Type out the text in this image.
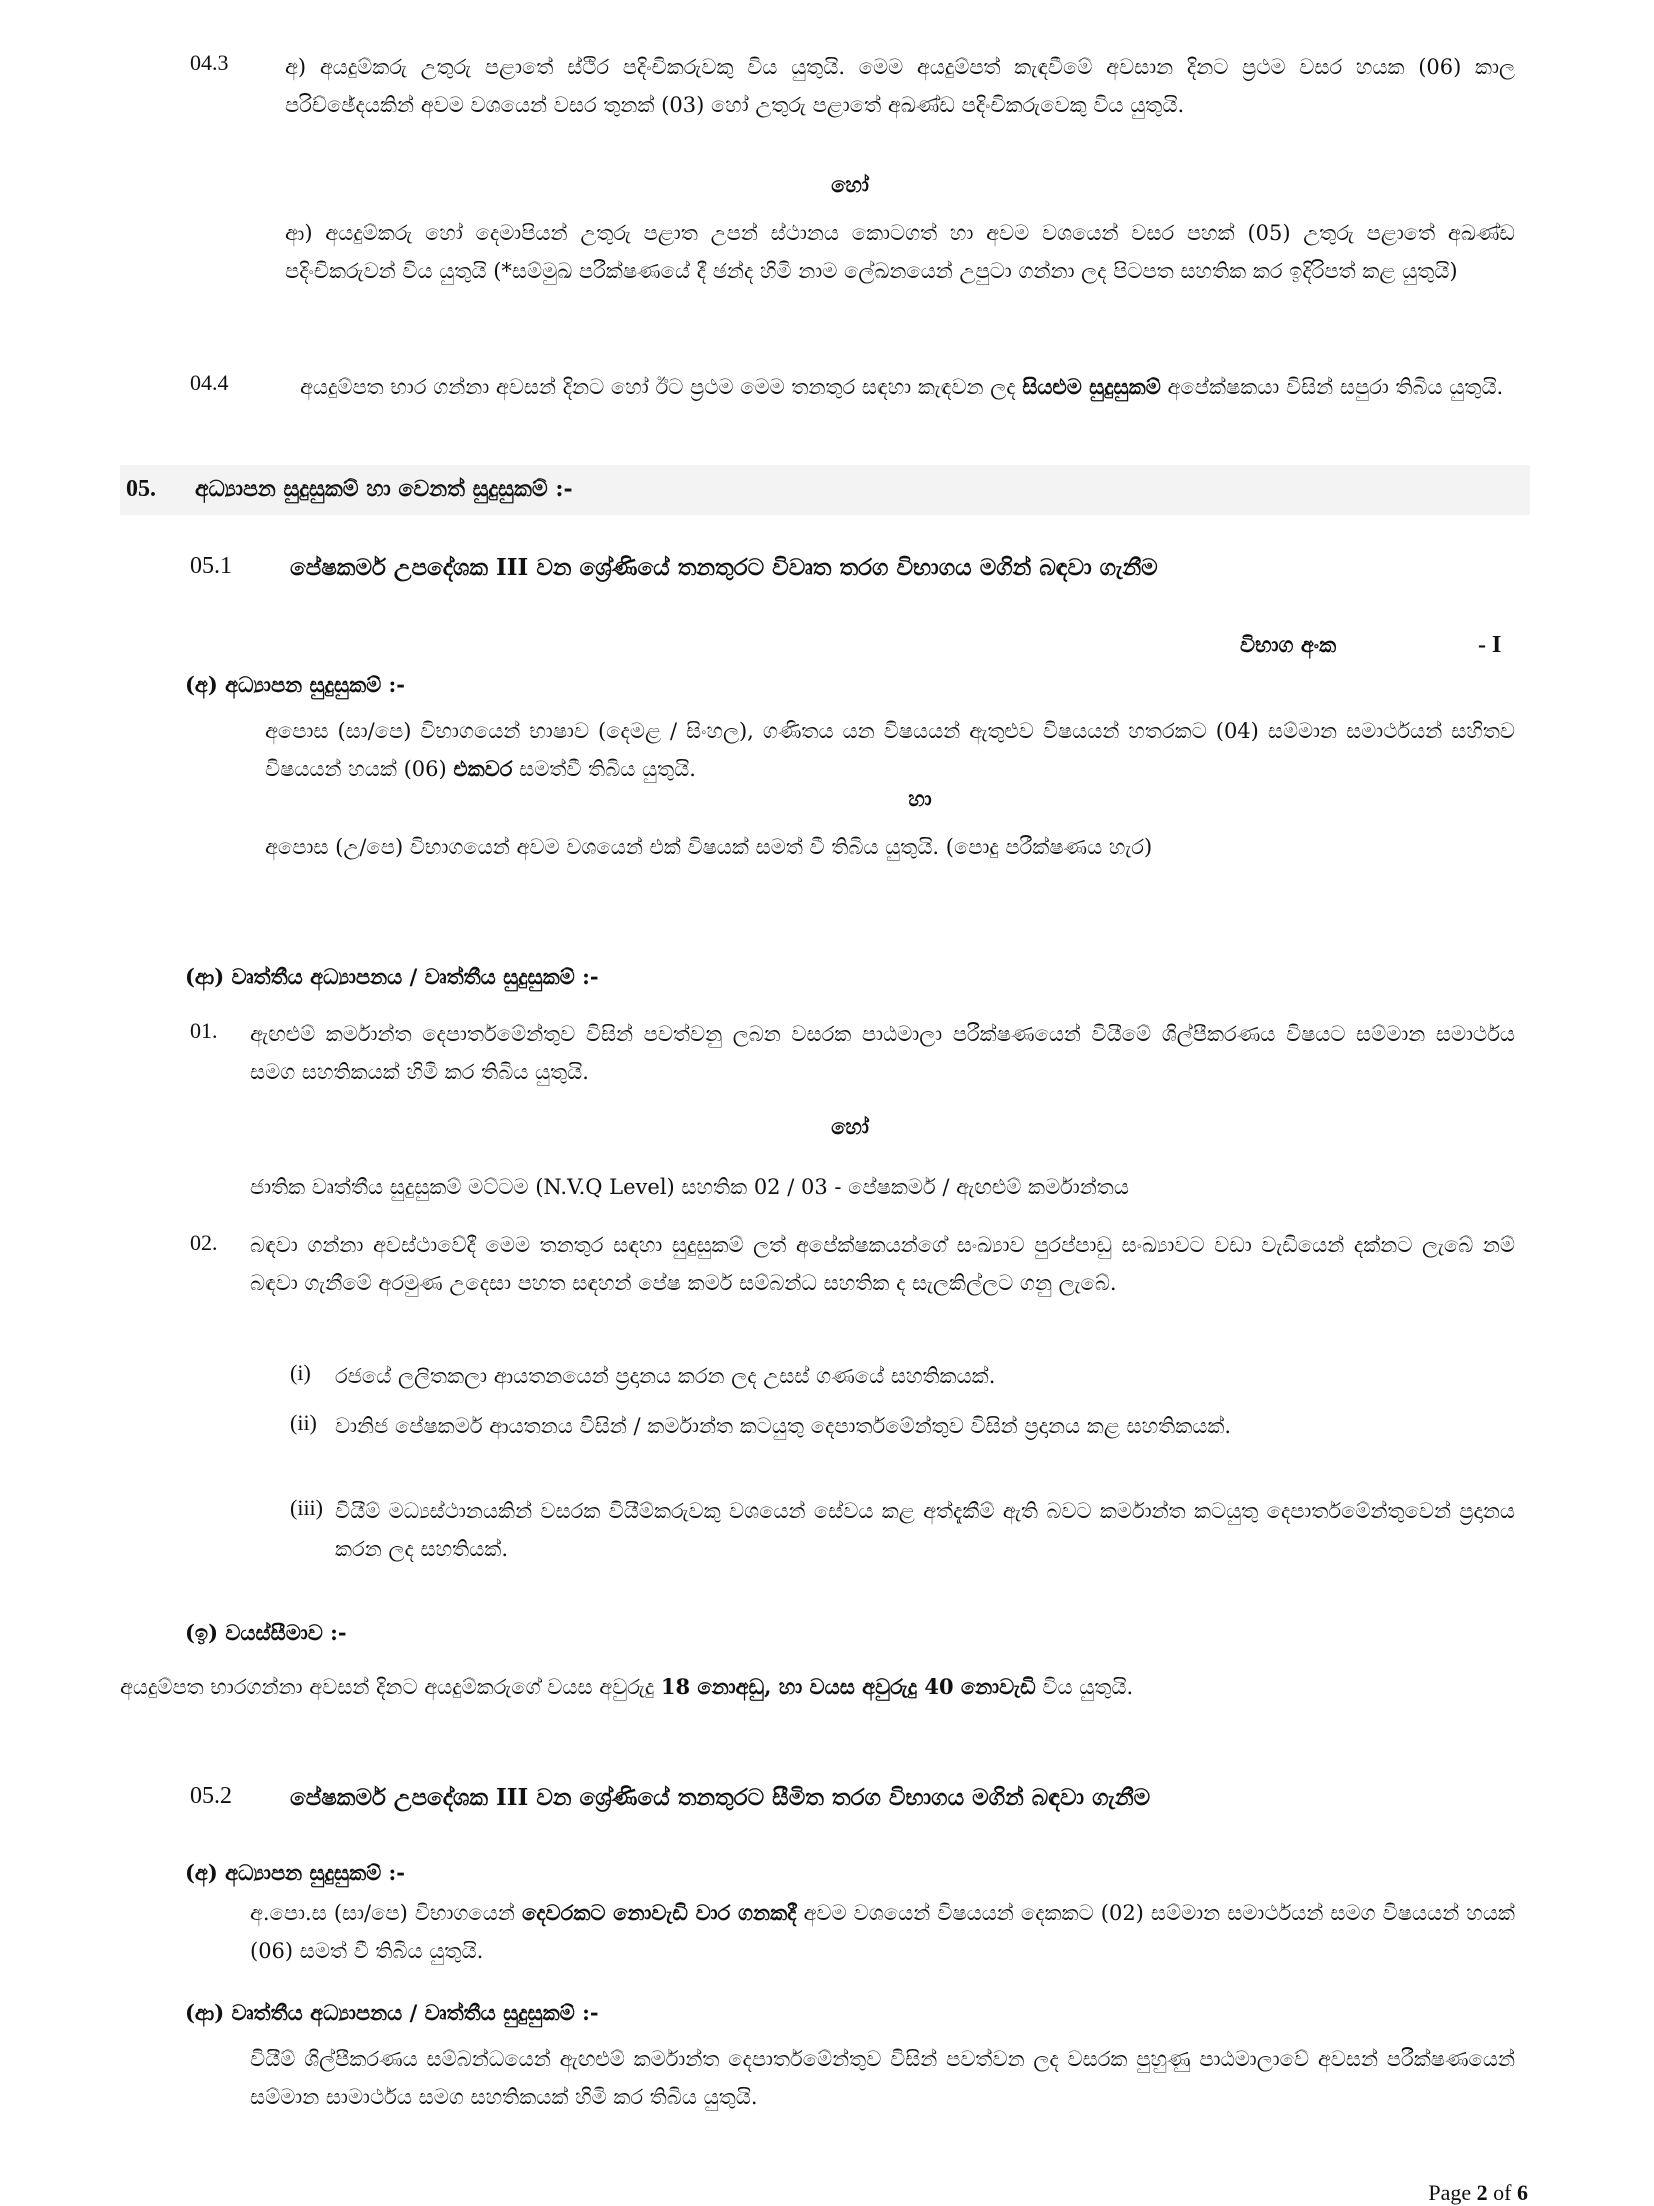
04.3	අ) අයදුම්කරු උතුරු පළාතේ ස්ථිර පදිංචිකරුවකු විය යුතුයි. මෙම අයදුම්පත් කැඳවීමේ අවසාන දිනට ප්‍රථම වසර හයක (06) කාල පරිච්ඡේදයකින් අවම වශයෙන් වසර තුනක් (03) හෝ උතුරු පළාතේ අඛණ්ඩ පදිංචිකරුවෙකු විය යුතුයි.
හෝ
ආ) අයදුම්කරු හෝ දෙමාපියන් උතුරු පළාත උපන් ස්ථානය කොටගත් හා අවම වශයෙන් වසර පහක් (05) උතුරු පළාතේ අඛණ්ඩ පදිංචිකරුවන් විය යුතුයි (*සම්මුඛ පරීක්ෂණයේ දී ඡන්ද හිමි නාම ලේඛනයෙන් උපුටා ගන්නා ලද පිටපත සහතික කර ඉදිරිපත් කළ යුතුයි)
04.4	අයදුම්පත භාර ගන්නා අවසන් දිනට හෝ ඊට ප්‍රථම මෙම තනතුර සඳහා කැඳවන ලද සියළුම සුදුසුකම් අපේක්ෂකයා විසින් සපුරා තිබිය යුතුයි.
05. අධ්‍යාපන සුදුසුකම් හා වෙනත් සුදුසුකම් :-
05.1	පේෂකර්ම උපදේශක III වන ශ්‍රේණියේ තනතුරට විවෘත තරග විභාගය මගින් බඳවා ගැනීම
විභාග අංක	- I
(අ) අධ්‍යාපන සුදුසුකම් :-
අපොස (සා/පෙ) විභාගයෙන් භාෂාව (දෙමළ / සිංහල), ගණිතය යන විෂයයන් ඇතුළුව විෂයයන් හතරකට (04) සම්මාන සමාර්ථයන් සහිතව විෂයයන් හයක් (06) එකවර සමත්වී තිබිය යුතුයි.
හා
අපොස (උ/පෙ) විභාගයෙන් අවම වශයෙන් එක් විෂයක් සමත් වී තිබිය යුතුයි. (පොදු පරීක්ෂණය හැර)
(ආ) වෘත්තීය අධ්‍යාපනය / වෘත්තීය සුදුසුකම් :-
01. ඇඟළුම් කර්මාන්ත දෙපාර්තමේන්තුව විසින් පවත්වනු ලබන වසරක පාඨමාලා පරීක්ෂණයෙන් වියීමේ ශිල්පීකරණය විෂයට සම්මාන සමාර්ථය සමග සහතිකයක් හිමි කර තිබිය යුතුයි.
හෝ
ජාතික වෘත්තීය සුදුසුකම් මට්ටම (N.V.Q Level) සහතික 02 / 03 - පේෂකර්ම / ඇඟළුම් කර්මාන්තය
02. බඳවා ගන්නා අවස්ථාවේදී මෙම තනතුර සඳහා සුදුසුකම් ලත් අපේක්ෂකයන්ගේ සංඛ්‍යාව පුරප්පාඩු සංඛ්‍යාවට වඩා වැඩියෙන් දක්නට ලැබේ නම් බඳවා ගැනීමේ අරමුණ උදෙසා පහත සඳහන් පේෂ කර්ම සම්බන්ධ සහතික ද සැලකිල්ලට ගනු ලැබේ.
(i) රජයේ ලලිතකලා ආයතනයෙන් ප්‍රදානය කරන ලද උසස් ගණයේ සහතිකයක්.
(ii) වානිජ පේෂකර්ම ආයතනය විසින් / කර්මාන්ත කටයුතු දෙපාර්තමේන්තුව විසින් ප්‍රදානය කළ සහතිකයක්.
(iii) වියීම් මධ්‍යස්ථානයකින් වසරක වියීම්කරුවකු වශයෙන් සේවය කළ අත්දැකීම් ඇති බවට කර්මාන්ත කටයුතු දෙපාර්තමේන්තුවෙන් ප්‍රදානය කරන ලද සහතියක්.
(ඉ) වයස්සීමාව :-
අයදුම්පත භාරගන්නා අවසන් දිනට අයදුම්කරුගේ වයස අවුරුදු 18 නොඅඩු, හා වයස අවුරුදු 40 නොවැඩි විය යුතුයි.
05.2	පේෂකර්ම උපදේශක III වන ශ්‍රේණියේ තනතුරට සීමිත තරග විභාගය මගින් බඳවා ගැනීම
(අ) අධ්‍යාපන සුදුසුකම් :-
අ.පො.ස (සා/පෙ) විභාගයෙන් දෙවරකට නොවැඩි වාර ගනකදී අවම වශයෙන් විෂයයන් දෙකකට (02) සම්මාන සමාර්ථයන් සමග විෂයයන් හයක් (06) සමත් වී තිබිය යුතුයි.
(ආ) වෘත්තීය අධ්‍යාපනය / වෘත්තීය සුදුසුකම් :-
වියීම් ශිල්පීකරණය සම්බන්ධයෙන් ඇඟළුම් කර්මාන්ත දෙපාර්තමේන්තුව විසින් පවත්වන ලද වසරක පුහුණු පාඨමාලාවේ අවසන් පරීක්ෂණයෙන් සම්මාන සාමාර්ථය සමග සහතිකයක් හිමි කර තිබිය යුතුයි.
Page 2 of 6
